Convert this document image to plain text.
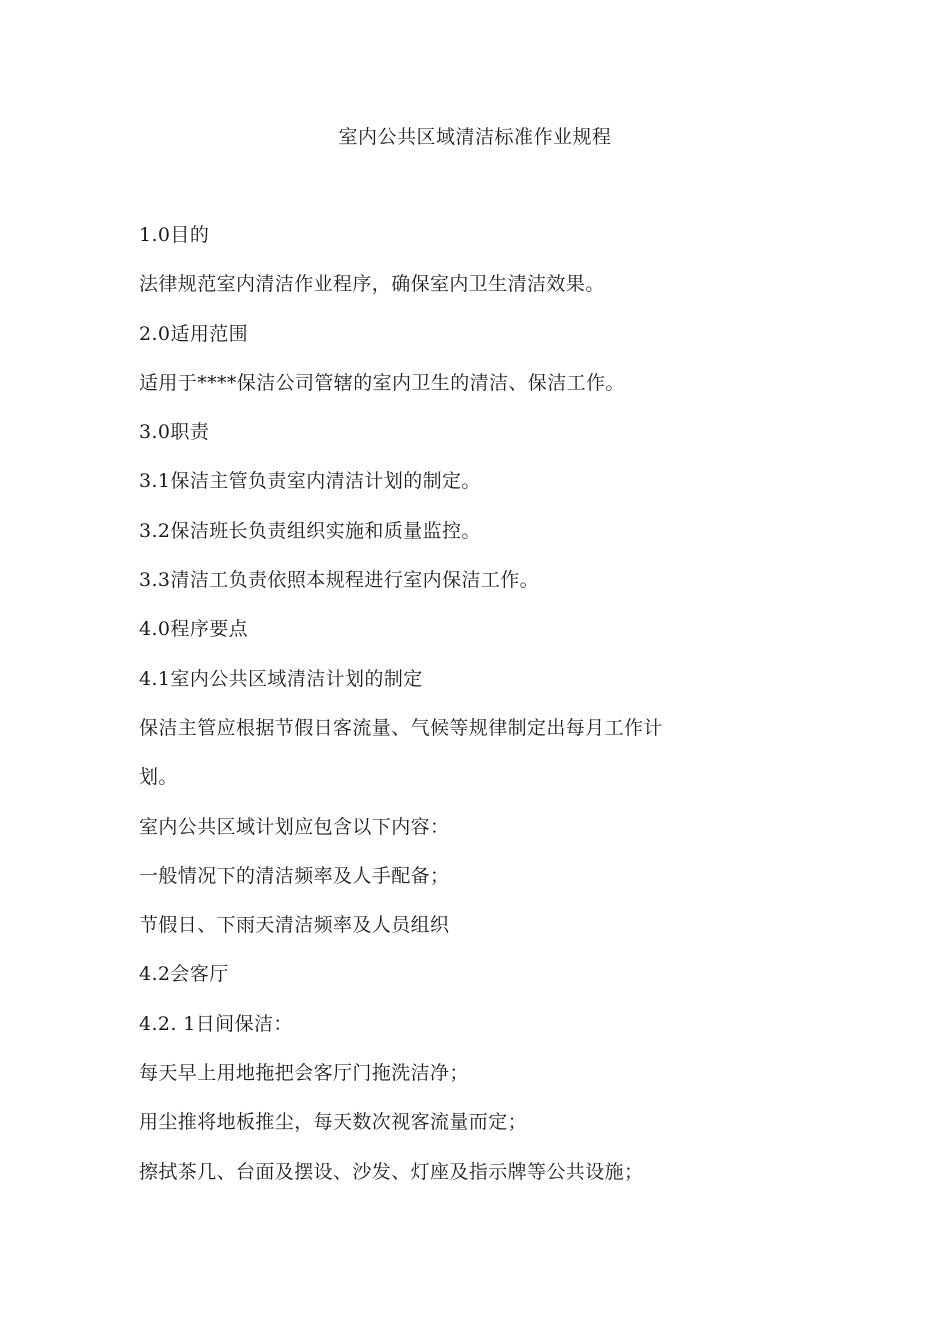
室内公共区域清洁标准作业规程
1.0目的
法律规范室内清洁作业程序，确保室内卫生清洁效果。
2.0适用范围
适用于****保洁公司管辖的室内卫生的清洁、保洁工作。
3.0职责
3.1保洁主管负责室内清洁计划的制定。
3.2保洁班长负责组织实施和质量监控。
3.3清洁工负责依照本规程进行室内保洁工作。
4.0程序要点
4.1室内公共区域清洁计划的制定
保洁主管应根据节假日客流量、气候等规律制定出每月工作计
划。
室内公共区域计划应包含以下内容：
一般情况下的清洁频率及人手配备；
节假日、下雨天清洁频率及人员组织
4.2会客厅
4.2. 1日间保洁：
每天早上用地拖把会客厅门拖洗洁净；
用尘推将地板推尘，每天数次视客流量而定；
擦拭茶几、台面及摆设、沙发、灯座及指示牌等公共设施；
